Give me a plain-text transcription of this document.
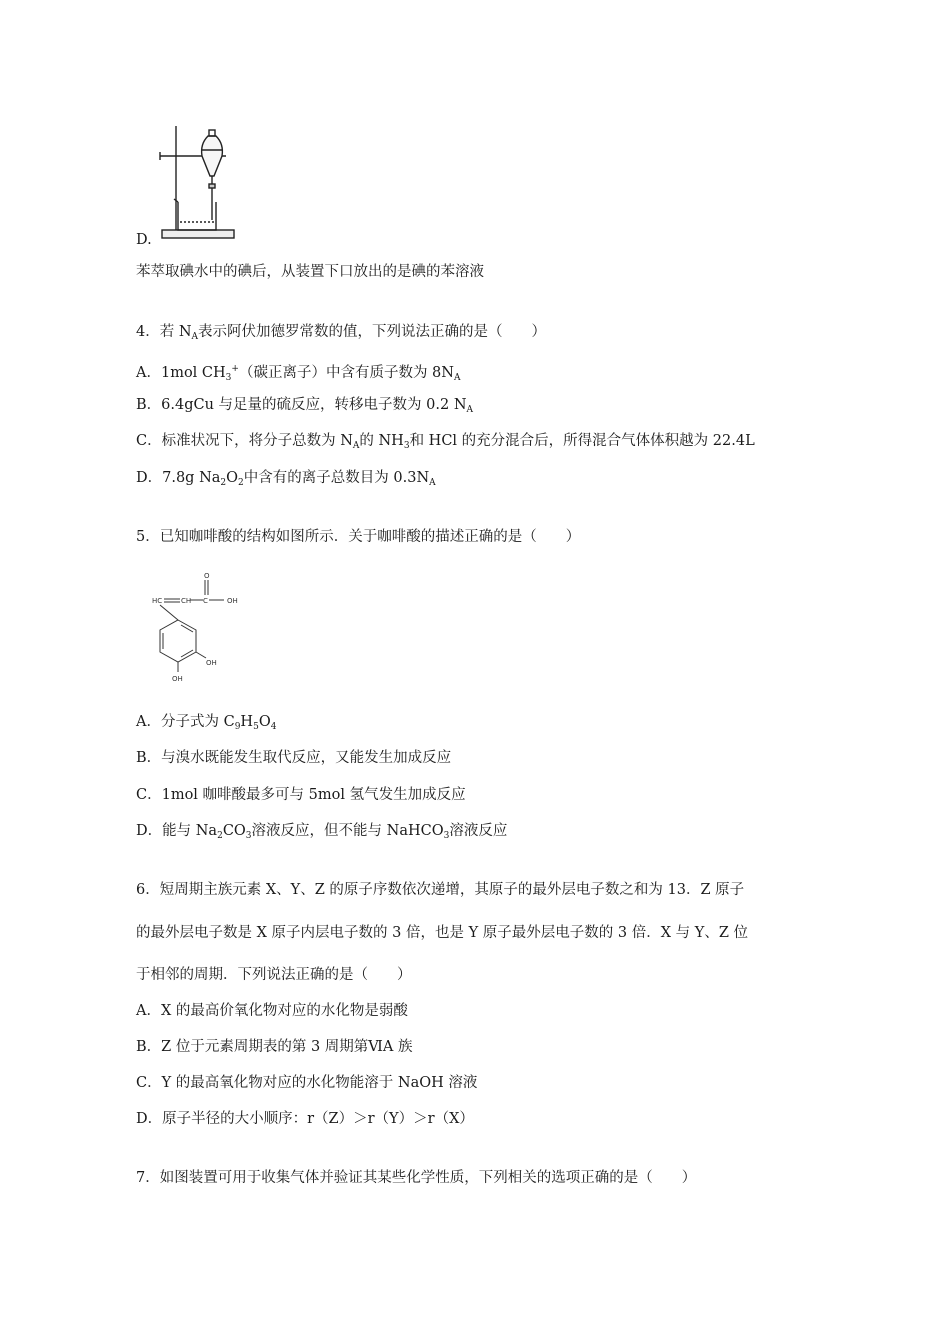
D.
苯萃取碘水中的碘后，从装置下口放出的是碘的苯溶液
4．若 $N_A$表示阿伏加德罗常数的值，下列说法正确的是（　　）
A．1mol $CH_3^+$（碳正离子）中含有质子数为 $8N_A$
B．6.4gCu 与足量的硫反应，转移电子数为 0.2 $N_A$
C．标准状况下，将分子总数为 $N_A$的 $NH_3$和 HCl 的充分混合后，所得混合气体体积越为 22.4L
D．7.8g $Na_2O_2$中含有的离子总数目为 $0.3N_A$
5．已知咖啡酸的结构如图所示．关于咖啡酸的描述正确的是（　　）
O
HC	CH C	OH
OH
OH
A．分子式为 $C_9H_5O_4$
B．与溴水既能发生取代反应，又能发生加成反应
C．1mol 咖啡酸最多可与 5mol 氢气发生加成反应
D．能与 $Na_2CO_3$溶液反应，但不能与 NaHCO$_3$溶液反应
6．短周期主族元素 X、Y、Z 的原子序数依次递增，其原子的最外层电子数之和为 13．Z 原子
的最外层电子数是 X 原子内层电子数的 3 倍，也是 Y 原子最外层电子数的 3 倍．X 与 Y、Z 位
于相邻的周期．下列说法正确的是（　　）
A．X 的最高价氧化物对应的水化物是弱酸
B．Z 位于元素周期表的第 3 周期第ⅥA 族
C．Y 的最高氧化物对应的水化物能溶于 NaOH 溶液
D．原子半径的大小顺序：r（Z）＞r（Y）＞r（X）
7．如图装置可用于收集气体并验证其某些化学性质，下列相关的选项正确的是（　　）
